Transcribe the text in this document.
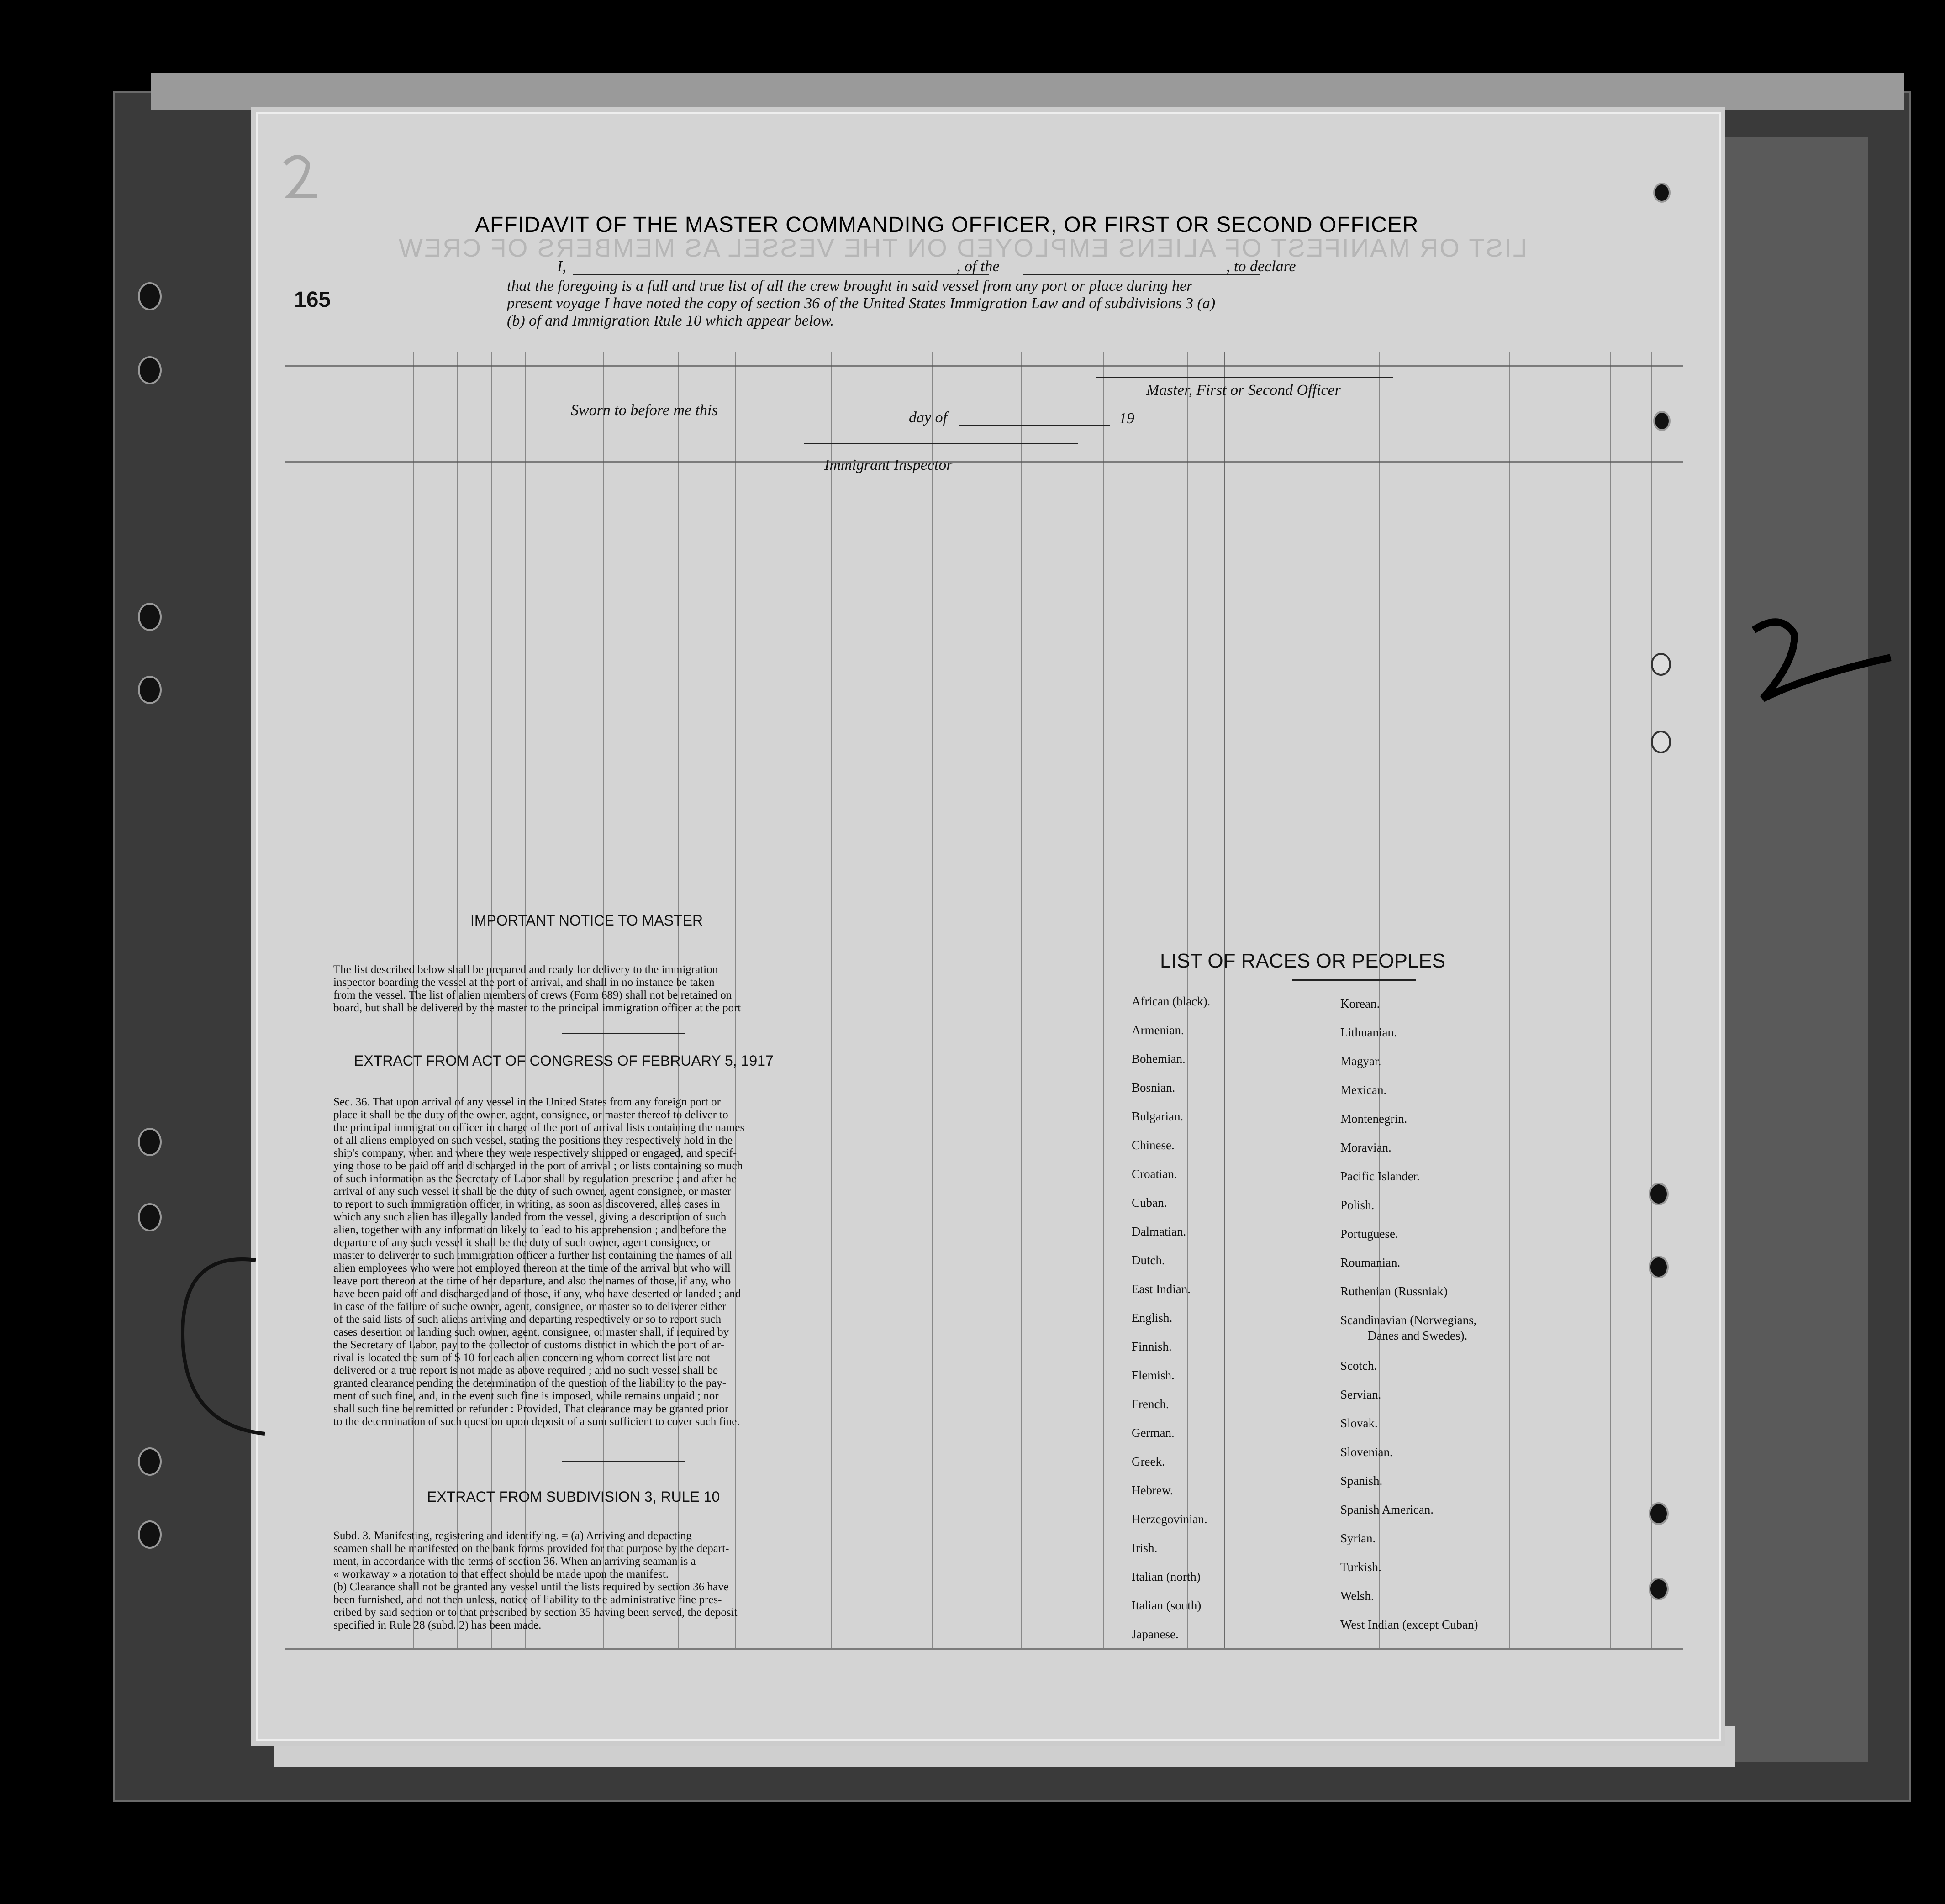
165
LIST OR MANIFEST OF ALIENS EMPLOYED ON THE VESSEL AS MEMBERS OF CREW
AFFIDAVIT OF THE MASTER COMMANDING OFFICER, OR FIRST OR SECOND OFFICER
I,	, of the	, to declare
that the foregoing is a full and true list of all the crew brought in said vessel from any port or place during her
present voyage I have noted the copy of section 36 of the United States Immigration Law and of subdivisions 3 (a)
(b) of and Immigration Rule 10 which appear below.
Master, First or Second Officer
Sworn to before me this	day of	19
Immigrant Inspector
IMPORTANT NOTICE TO MASTER
The list described below shall be prepared and ready for delivery to the immigration
inspector boarding the vessel at the port of arrival, and shall in no instance be taken
from the vessel. The list of alien members of crews (Form 689) shall not be retained on
board, but shall be delivered by the master to the principal immigration officer at the port
EXTRACT FROM ACT OF CONGRESS OF FEBRUARY 5, 1917
Sec. 36. That upon arrival of any vessel in the United States from any foreign port or
place it shall be the duty of the owner, agent, consignee, or master thereof to deliver to
the principal immigration officer in charge of the port of arrival lists containing the names
of all aliens employed on such vessel, stating the positions they respectively hold in the
ship's company, when and where they were respectively shipped or engaged, and specif-
ying those to be paid off and discharged in the port of arrival ; or lists containing so much
of such information as the Secretary of Labor shall by regulation prescribe ; and after he
arrival of any such vessel it shall be the duty of such owner, agent consignee, or master
to report to such immigration officer, in writing, as soon as discovered, alles cases in
which any such alien has illegally landed from the vessel, giving a description of such
alien, together with any information likely to lead to his apprehension ; and before the
departure of any such vessel it shall be the duty of such owner, agent consignee, or
master to deliverer to such immigration officer a further list containing the names of all
alien employees who were not employed thereon at the time of the arrival but who will
leave port thereon at the time of her departure, and also the names of those, if any, who
have been paid off and discharged and of those, if any, who have deserted or landed ; and
in case of the failure of suche owner, agent, consignee, or master so to deliverer either
of the said lists of such aliens arriving and departing respectively or so to report such
cases desertion or landing such owner, agent, consignee, or master shall, if required by
the Secretary of Labor, pay to the collector of customs district in which the port of ar-
rival is located the sum of $ 10 for each alien concerning whom correct list are not
delivered or a true report is not made as above required ; and no such vessel shall be
granted clearance pending the determination of the question of the liability to the pay-
ment of such fine, and, in the event such fine is imposed, while remains unpaid ; nor
shall such fine be remitted or refunder : Provided, That clearance may be granted prior
to the determination of such question upon deposit of a sum sufficient to cover such fine.
EXTRACT FROM SUBDIVISION 3, RULE 10
Subd. 3. Manifesting, registering and identifying. = (a) Arriving and depacting
seamen shall be manifested on the bank forms provided for that purpose by the depart-
ment, in accordance with the terms of section 36. When an arriving seaman is a
« workaway » a notation to that effect should be made upon the manifest.
(b) Clearance shall not be granted any vessel until the lists required by section 36 have
been furnished, and not then unless, notice of liability to the administrative fine pres-
cribed by said section or to that prescribed by section 35 having been served, the deposit
specified in Rule 28 (subd. 2) has been made.
LIST OF RACES OR PEOPLES
African (black).
Armenian.
Bohemian.
Bosnian.
Bulgarian.
Chinese.
Croatian.
Cuban.
Dalmatian.
Dutch.
East Indian.
English.
Finnish.
Flemish.
French.
German.
Greek.
Hebrew.
Herzegovinian.
Irish.
Italian (north)
Italian (south)
Japanese.
Korean.
Lithuanian.
Magyar.
Mexican.
Montenegrin.
Moravian.
Pacific Islander.
Polish.
Portuguese.
Roumanian.
Ruthenian (Russniak)
Scandinavian (Norwegians,
Danes and Swedes).
Scotch.
Servian.
Slovak.
Slovenian.
Spanish.
Spanish American.
Syrian.
Turkish.
Welsh.
West Indian (except Cuban)
